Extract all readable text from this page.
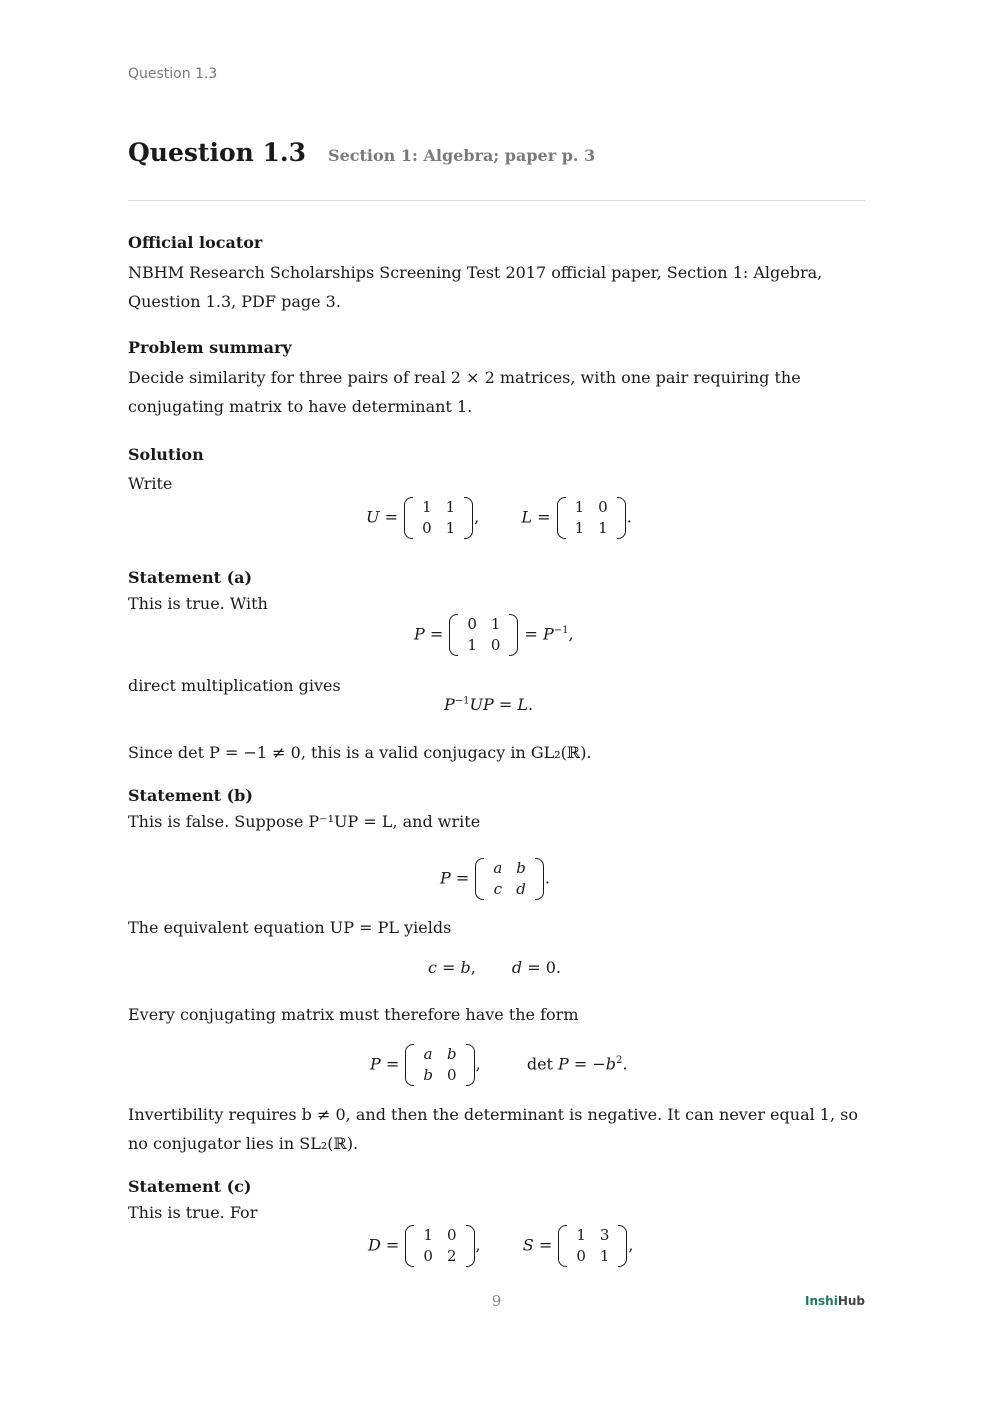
Question 1.3
Question 1.3 Section 1: Algebra; paper p. 3
Official locator
NBHM Research Scholarships Screening Test 2017 official paper, Section 1: Algebra, Question 1.3, PDF page 3.
Problem summary
Decide similarity for three pairs of real 2 × 2 matrices, with one pair requiring the conjugating matrix to have determinant 1.
Solution
Write
U =
1	1
0	1
,  L =
1	0
1	1
.
Statement (a)
This is true. With
P =
0	1
1	0
= $P^{-1}$,
direct multiplication gives
$P^{-1}UP = L$.
Since det P = −1 ≠ 0, this is a valid conjugacy in GL₂(ℝ).
Statement (b)
This is false. Suppose P⁻¹UP = L, and write
P =
a	b
c	d
.
The equivalent equation UP = PL yields
c = b, d = 0.
Every conjugating matrix must therefore have the form
P =
a	b
b	0
,  $\det P = -b^2$.
Invertibility requires b ≠ 0, and then the determinant is negative. It can never equal 1, so no conjugator lies in SL₂(ℝ).
Statement (c)
This is true. For
D =
1	0
0	2
,  S =
1	3
0	1
,
9	InshiHub
